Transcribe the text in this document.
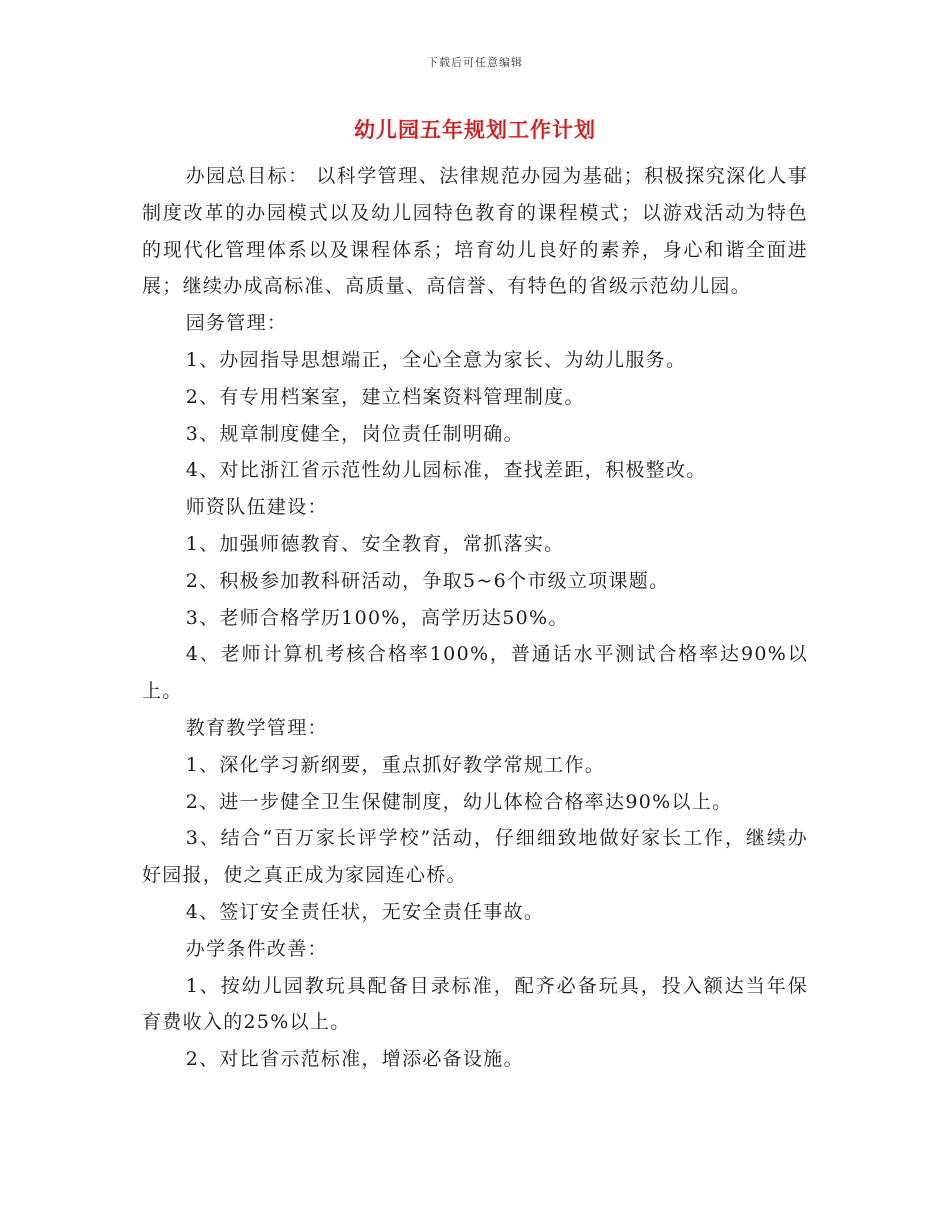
下载后可任意编辑
幼儿园五年规划工作计划

办园总目标： 以科学管理、法律规范办园为基础；积极探究深化人事制度改革的办园模式以及幼儿园特色教育的课程模式；以游戏活动为特色的现代化管理体系以及课程体系；培育幼儿良好的素养，身心和谐全面进展；继续办成高标准、高质量、高信誉、有特色的省级示范幼儿园。

园务管理：

1、办园指导思想端正，全心全意为家长、为幼儿服务。

2、有专用档案室，建立档案资料管理制度。

3、规章制度健全，岗位责任制明确。

4、对比浙江省示范性幼儿园标准，查找差距，积极整改。

师资队伍建设：

1、加强师德教育、安全教育，常抓落实。

2、积极参加教科研活动，争取5~6个市级立项课题。

3、老师合格学历100%，高学历达50%。

4、老师计算机考核合格率100%，普通话水平测试合格率达90%以上。

教育教学管理：

1、深化学习新纲要，重点抓好教学常规工作。

2、进一步健全卫生保健制度，幼儿体检合格率达90%以上。

3、结合“百万家长评学校”活动，仔细细致地做好家长工作，继续办好园报，使之真正成为家园连心桥。

4、签订安全责任状，无安全责任事故。

办学条件改善：

1、按幼儿园教玩具配备目录标准，配齐必备玩具，投入额达当年保育费收入的25%以上。

2、对比省示范标准，增添必备设施。
